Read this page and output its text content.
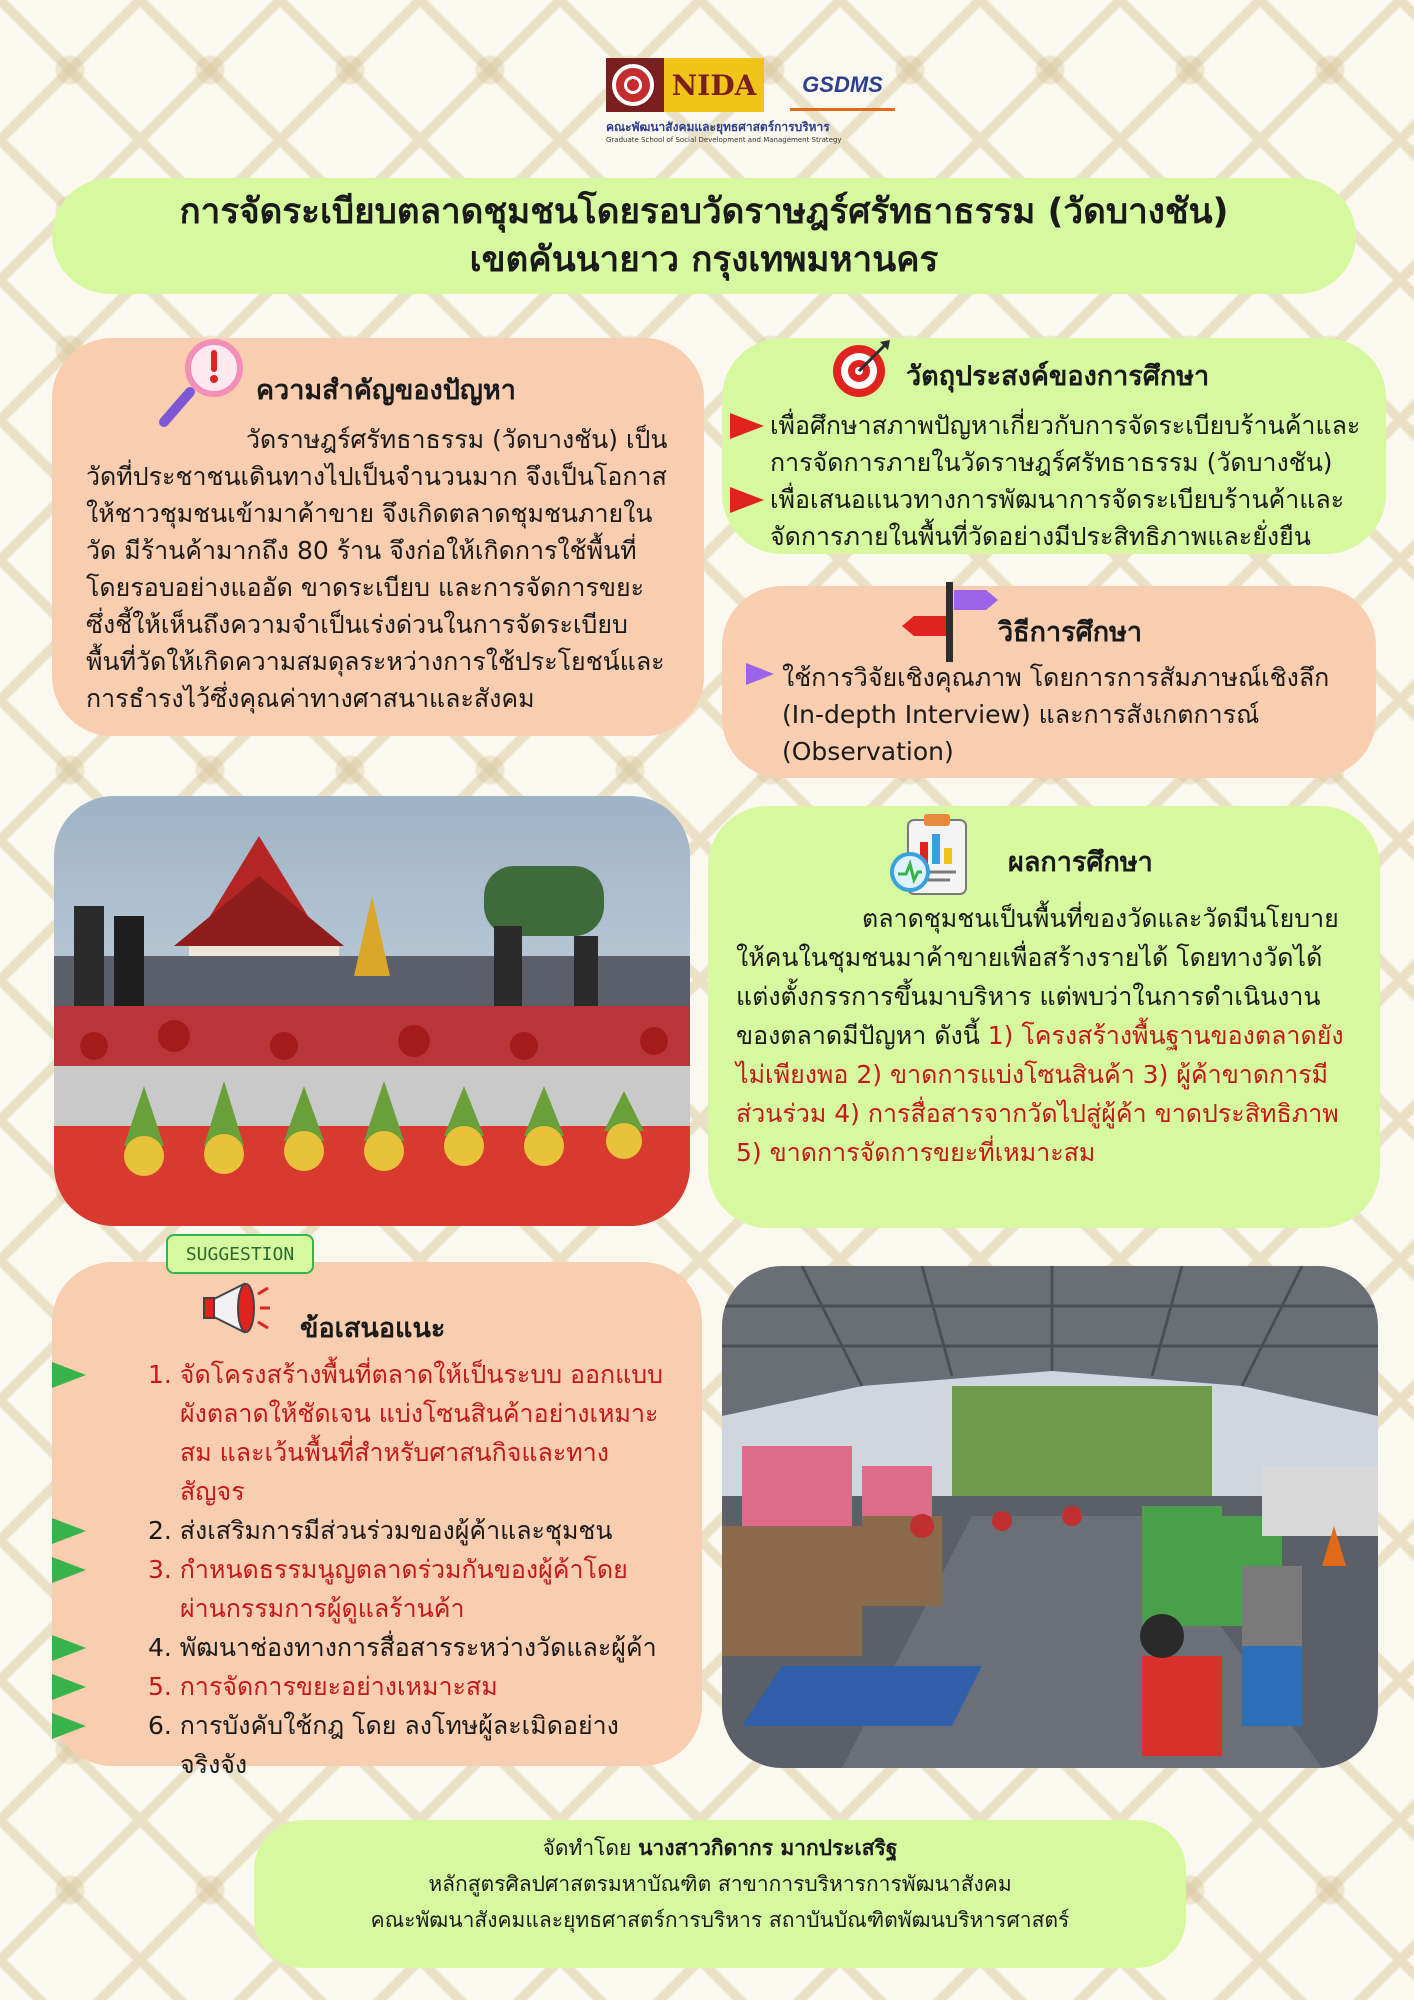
NIDA	GSDMS
คณะพัฒนาสังคมและยุทธศาสตร์การบริหาร
Graduate School of Social Development and Management Strategy
การจัดระเบียบตลาดชุมชนโดยรอบวัดราษฎร์ศรัทธาธรรม (วัดบางชัน)
เขตคันนายาว กรุงเทพมหานคร
ความสำคัญของปัญหา
วัดราษฎร์ศรัทธาธรรม (วัดบางชัน) เป็นวัดที่ประชาชนเดินทางไปเป็นจำนวนมาก จึงเป็นโอกาสให้ชาวชุมชนเข้ามาค้าขาย จึงเกิดตลาดชุมชนภายในวัด มีร้านค้ามากถึง 80 ร้าน จึงก่อให้เกิดการใช้พื้นที่โดยรอบอย่างแออัด ขาดระเบียบ และการจัดการขยะ ซึ่งชี้ให้เห็นถึงความจำเป็นเร่งด่วนในการจัดระเบียบพื้นที่วัดให้เกิดความสมดุลระหว่างการใช้ประโยชน์และการธำรงไว้ซึ่งคุณค่าทางศาสนาและสังคม
วัตถุประสงค์ของการศึกษา
เพื่อศึกษาสภาพปัญหาเกี่ยวกับการจัดระเบียบร้านค้าและการจัดการภายในวัดราษฎร์ศรัทธาธรรม (วัดบางชัน)
เพื่อเสนอแนวทางการพัฒนาการจัดระเบียบร้านค้าและจัดการภายในพื้นที่วัดอย่างมีประสิทธิภาพและยั่งยืน
วิธีการศึกษา
ใช้การวิจัยเชิงคุณภาพ โดยการการสัมภาษณ์เชิงลึก (In-depth Interview) และการสังเกตการณ์ (Observation)
ผลการศึกษา
ตลาดชุมชนเป็นพื้นที่ของวัดและวัดมีนโยบายให้คนในชุมชนมาค้าขายเพื่อสร้างรายได้ โดยทางวัดได้แต่งตั้งกรรการขึ้นมาบริหาร แต่พบว่าในการดำเนินงานของตลาดมีปัญหา ดังนี้ 1) โครงสร้างพื้นฐานของตลาดยังไม่เพียงพอ 2) ขาดการแบ่งโซนสินค้า 3) ผู้ค้าขาดการมีส่วนร่วม 4) การสื่อสารจากวัดไปสู่ผู้ค้า ขาดประสิทธิภาพ 5) ขาดการจัดการขยะที่เหมาะสม
SUGGESTION
ข้อเสนอแนะ
1. จัดโครงสร้างพื้นที่ตลาดให้เป็นระบบ ออกแบบผังตลาดให้ชัดเจน แบ่งโซนสินค้าอย่างเหมาะสม และเว้นพื้นที่สำหรับศาสนกิจและทางสัญจร
2. ส่งเสริมการมีส่วนร่วมของผู้ค้าและชุมชน
3. กำหนดธรรมนูญตลาดร่วมกันของผู้ค้าโดยผ่านกรรมการผู้ดูแลร้านค้า
4. พัฒนาช่องทางการสื่อสารระหว่างวัดและผู้ค้า
5. การจัดการขยะอย่างเหมาะสม
6. การบังคับใช้กฎ โดย ลงโทษผู้ละเมิดอย่างจริงจัง
จัดทำโดย นางสาวกิดากร มากประเสริฐ
หลักสูตรศิลปศาสตรมหาบัณฑิต สาขาการบริหารการพัฒนาสังคม
คณะพัฒนาสังคมและยุทธศาสตร์การบริหาร สถาบันบัณฑิตพัฒนบริหารศาสตร์
